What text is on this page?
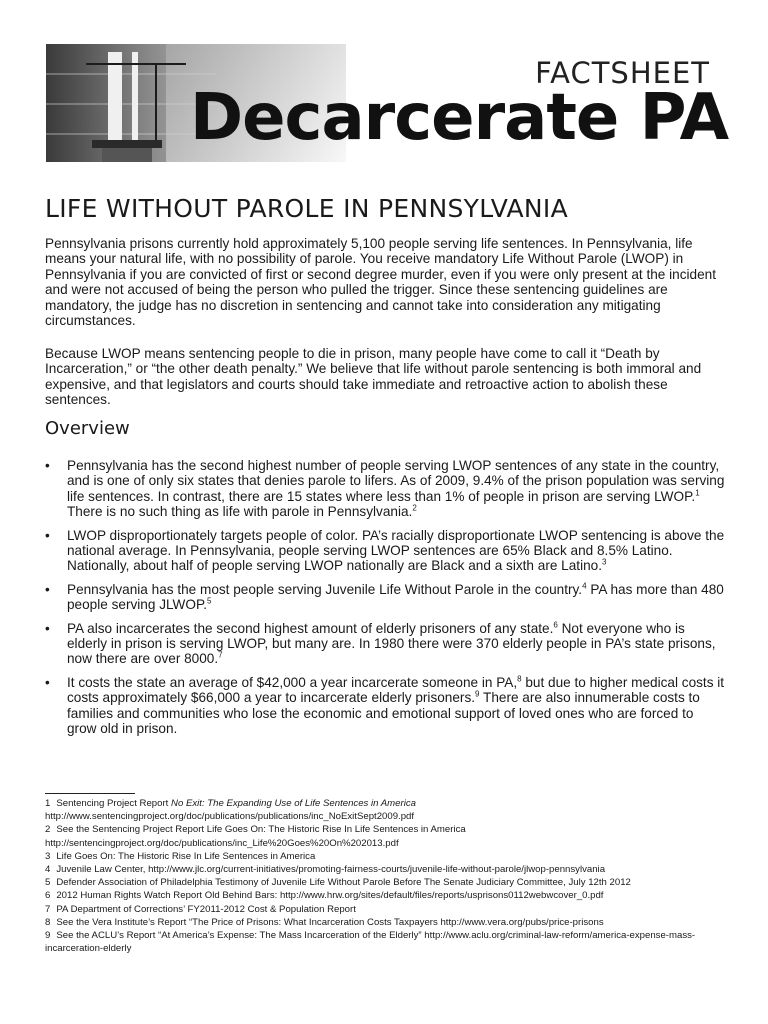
FACTSHEET
Decarcerate PA
LIFE WITHOUT PAROLE IN PENNSYLVANIA

Pennsylvania prisons currently hold approximately 5,100 people serving life sentences. In Pennsylvania, life means your natural life, with no possibility of parole. You receive mandatory Life Without Parole (LWOP) in Pennsylvania if you are convicted of first or second degree murder, even if you were only present at the incident and were not accused of being the person who pulled the trigger. Since these sentencing guidelines are mandatory, the judge has no discretion in sentencing and cannot take into consideration any mitigating circumstances.

Because LWOP means sentencing people to die in prison, many people have come to call it “Death by Incarceration,” or “the other death penalty.” We believe that life without parole sentencing is both immoral and expensive, and that legislators and courts should take immediate and retroactive action to abolish these sentences.

Overview
• Pennsylvania has the second highest number of people serving LWOP sentences of any state in the country, and is one of only six states that denies parole to lifers. As of 2009, 9.4% of the prison population was serving life sentences. In contrast, there are 15 states where less than 1% of people in prison are serving LWOP.$^1$ There is no such thing as life with parole in Pennsylvania.$^2$
• LWOP disproportionately targets people of color. PA’s racially disproportionate LWOP sentencing is above the national average. In Pennsylvania, people serving LWOP sentences are 65% Black and 8.5% Latino. Nationally, about half of people serving LWOP nationally are Black and a sixth are Latino.$^3$
• Pennsylvania has the most people serving Juvenile Life Without Parole in the country.$^4$ PA has more than 480 people serving JLWOP.$^5$
• PA also incarcerates the second highest amount of elderly prisoners of any state.$^6$ Not everyone who is elderly in prison is serving LWOP, but many are. In 1980 there were 370 elderly people in PA’s state prisons, now there are over 8000.$^7$
• It costs the state an average of $42,000 a year incarcerate someone in PA,$^8$ but due to higher medical costs it costs approximately $66,000 a year to incarcerate elderly prisoners.$^9$ There are also innumerable costs to families and communities who lose the economic and emotional support of loved ones who are forced to grow old in prison.
1 Sentencing Project Report No Exit: The Expanding Use of Life Sentences in America http://www.sentencingproject.org/doc/publications/publications/inc_NoExitSept2009.pdf
2 See the Sentencing Project Report Life Goes On: The Historic Rise In Life Sentences in America http://sentencingproject.org/doc/publications/inc_Life%20Goes%20On%202013.pdf
3 Life Goes On: The Historic Rise In Life Sentences in America
4 Juvenile Law Center, http://www.jlc.org/current-initiatives/promoting-fairness-courts/juvenile-life-without-parole/jlwop-pennsylvania
5 Defender Association of Philadelphia Testimony of Juvenile Life Without Parole Before The Senate Judiciary Committee, July 12th 2012
6 2012 Human Rights Watch Report Old Behind Bars: http://www.hrw.org/sites/default/files/reports/usprisons0112webwcover_0.pdf
7 PA Department of Corrections’ FY2011-2012 Cost & Population Report
8 See the Vera Institute’s Report “The Price of Prisons: What Incarceration Costs Taxpayers http://www.vera.org/pubs/price-prisons
9 See the ACLU’s Report “At America’s Expense: The Mass Incarceration of the Elderly” http://www.aclu.org/criminal-law-reform/america-expense-mass-incarceration-elderly
